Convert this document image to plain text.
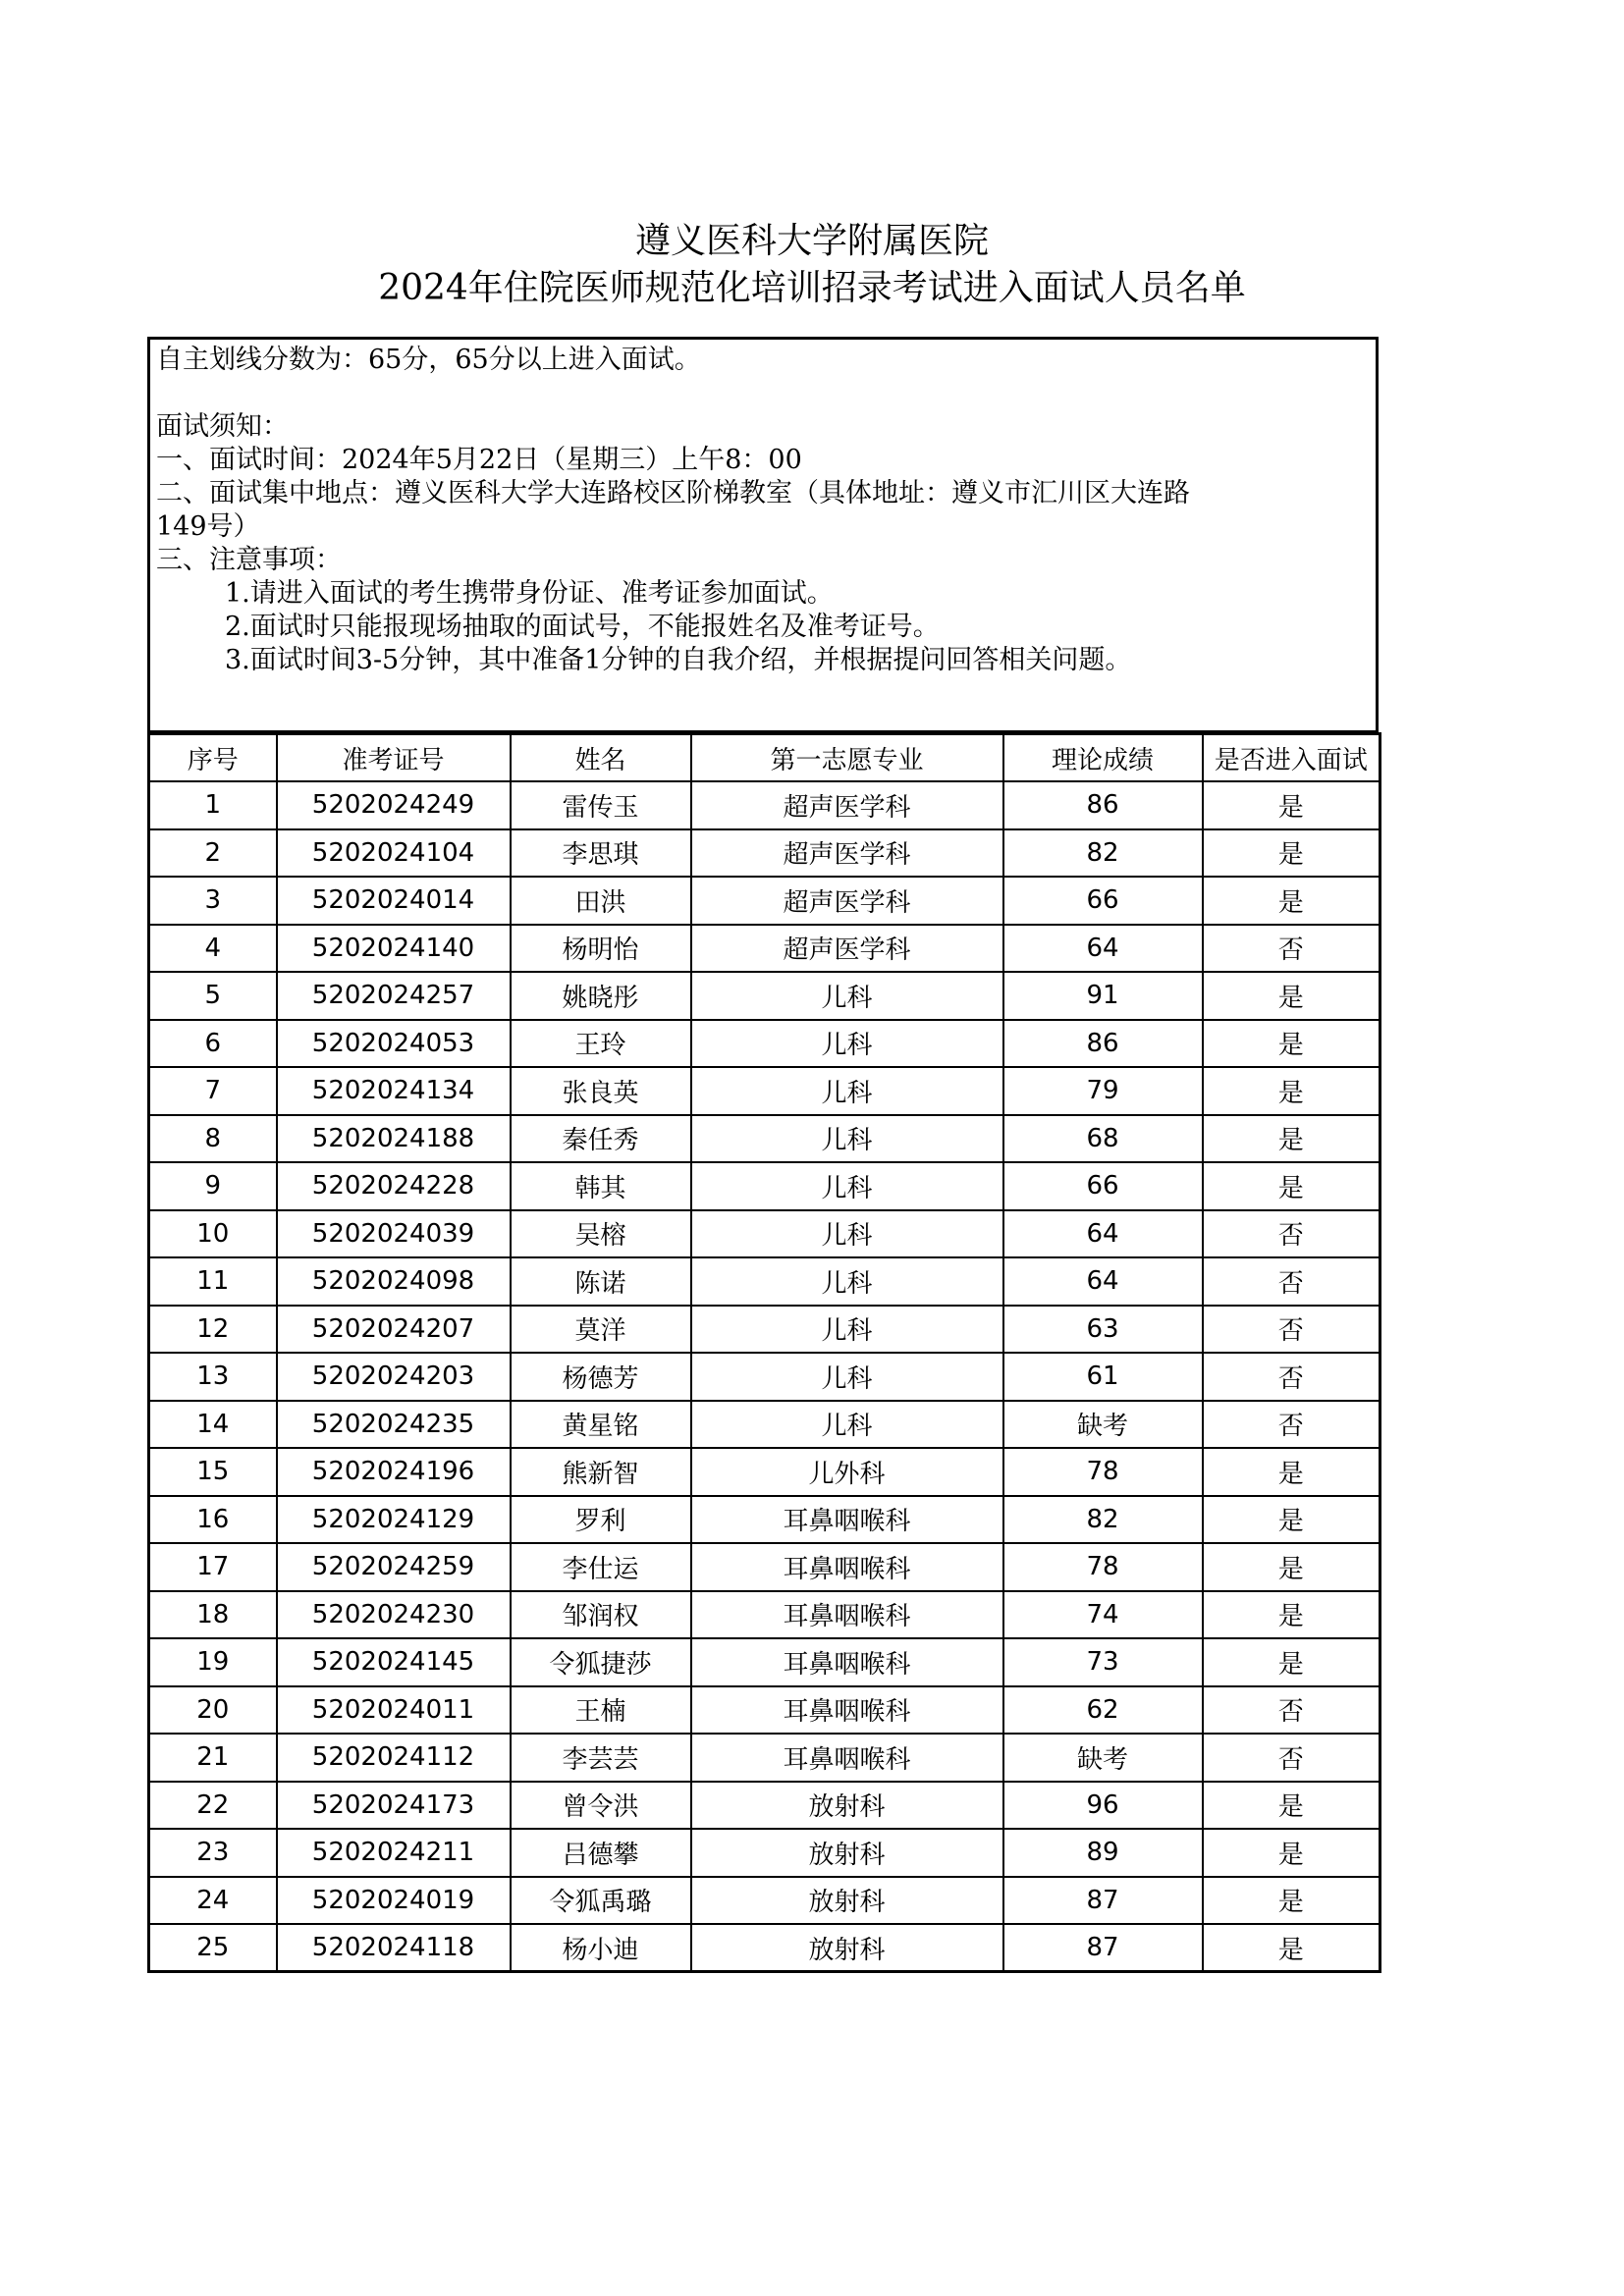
遵义医科大学附属医院
2024年住院医师规范化培训招录考试进入面试人员名单

自主划线分数为：65分，65分以上进入面试。

面试须知：

一、面试时间：2024年5月22日（星期三）上午8：00

二、面试集中地点：遵义医科大学大连路校区阶梯教室（具体地址：遵义市汇川区大连路

149号）

三、注意事项：

1.请进入面试的考生携带身份证、准考证参加面试。

2.面试时只能报现场抽取的面试号，不能报姓名及准考证号。

3.面试时间3-5分钟，其中准备1分钟的自我介绍，并根据提问回答相关问题。

序号	准考证号	姓名	第一志愿专业	理论成绩	是否进入面试
1	5202024249	雷传玉	超声医学科	86	是
2	5202024104	李思琪	超声医学科	82	是
3	5202024014	田洪	超声医学科	66	是
4	5202024140	杨明怡	超声医学科	64	否
5	5202024257	姚晓彤	儿科	91	是
6	5202024053	王玲	儿科	86	是
7	5202024134	张良英	儿科	79	是
8	5202024188	秦任秀	儿科	68	是
9	5202024228	韩其	儿科	66	是
10	5202024039	吴榕	儿科	64	否
11	5202024098	陈诺	儿科	64	否
12	5202024207	莫洋	儿科	63	否
13	5202024203	杨德芳	儿科	61	否
14	5202024235	黄星铭	儿科	缺考	否
15	5202024196	熊新智	儿外科	78	是
16	5202024129	罗利	耳鼻咽喉科	82	是
17	5202024259	李仕运	耳鼻咽喉科	78	是
18	5202024230	邹润权	耳鼻咽喉科	74	是
19	5202024145	令狐捷莎	耳鼻咽喉科	73	是
20	5202024011	王楠	耳鼻咽喉科	62	否
21	5202024112	李芸芸	耳鼻咽喉科	缺考	否
22	5202024173	曾令洪	放射科	96	是
23	5202024211	吕德攀	放射科	89	是
24	5202024019	令狐禹璐	放射科	87	是
25	5202024118	杨小迪	放射科	87	是
